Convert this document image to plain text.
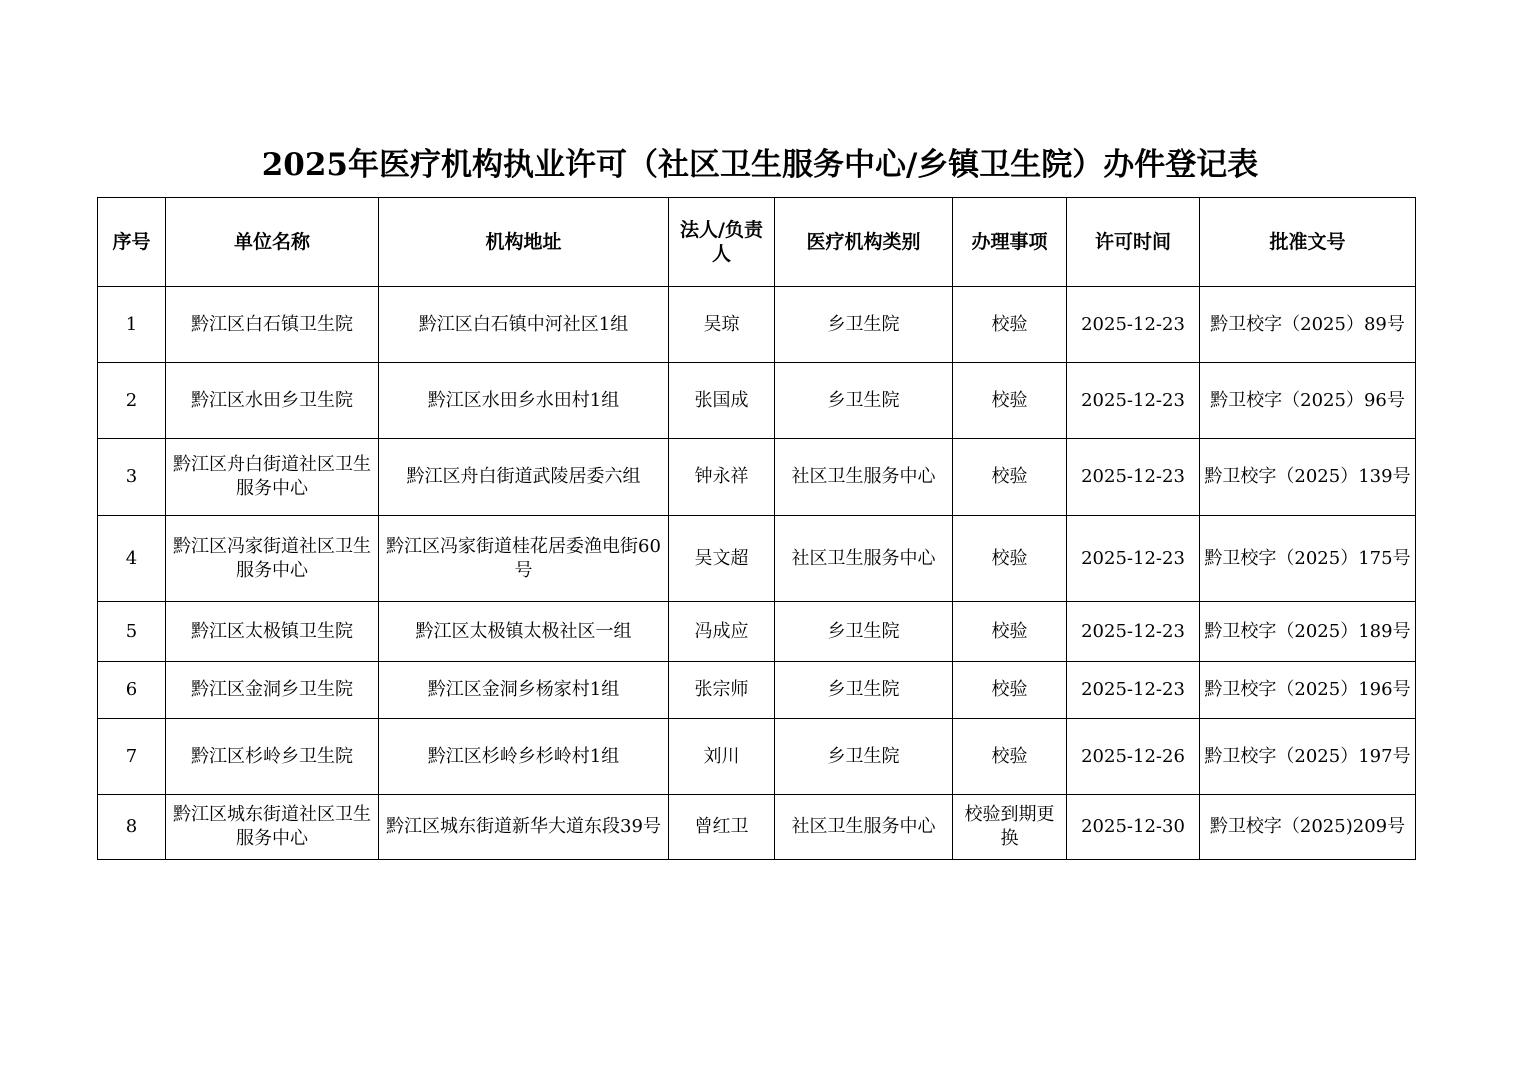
2025年医疗机构执业许可（社区卫生服务中心/乡镇卫生院）办件登记表
序号	单位名称	机构地址	法人/负责人	医疗机构类别	办理事项	许可时间	批准文号
1	黔江区白石镇卫生院	黔江区白石镇中河社区1组	吴琼	乡卫生院	校验	2025-12-23	黔卫校字（2025）89号
2	黔江区水田乡卫生院	黔江区水田乡水田村1组	张国成	乡卫生院	校验	2025-12-23	黔卫校字（2025）96号
3	黔江区舟白街道社区卫生服务中心	黔江区舟白街道武陵居委六组	钟永祥	社区卫生服务中心	校验	2025-12-23	黔卫校字（2025）139号
4	黔江区冯家街道社区卫生服务中心	黔江区冯家街道桂花居委渔电街60号	吴文超	社区卫生服务中心	校验	2025-12-23	黔卫校字（2025）175号
5	黔江区太极镇卫生院	黔江区太极镇太极社区一组	冯成应	乡卫生院	校验	2025-12-23	黔卫校字（2025）189号
6	黔江区金洞乡卫生院	黔江区金洞乡杨家村1组	张宗师	乡卫生院	校验	2025-12-23	黔卫校字（2025）196号
7	黔江区杉岭乡卫生院	黔江区杉岭乡杉岭村1组	刘川	乡卫生院	校验	2025-12-26	黔卫校字（2025）197号
8	黔江区城东街道社区卫生服务中心	黔江区城东街道新华大道东段39号	曾红卫	社区卫生服务中心	校验到期更换	2025-12-30	黔卫校字（2025)209号
